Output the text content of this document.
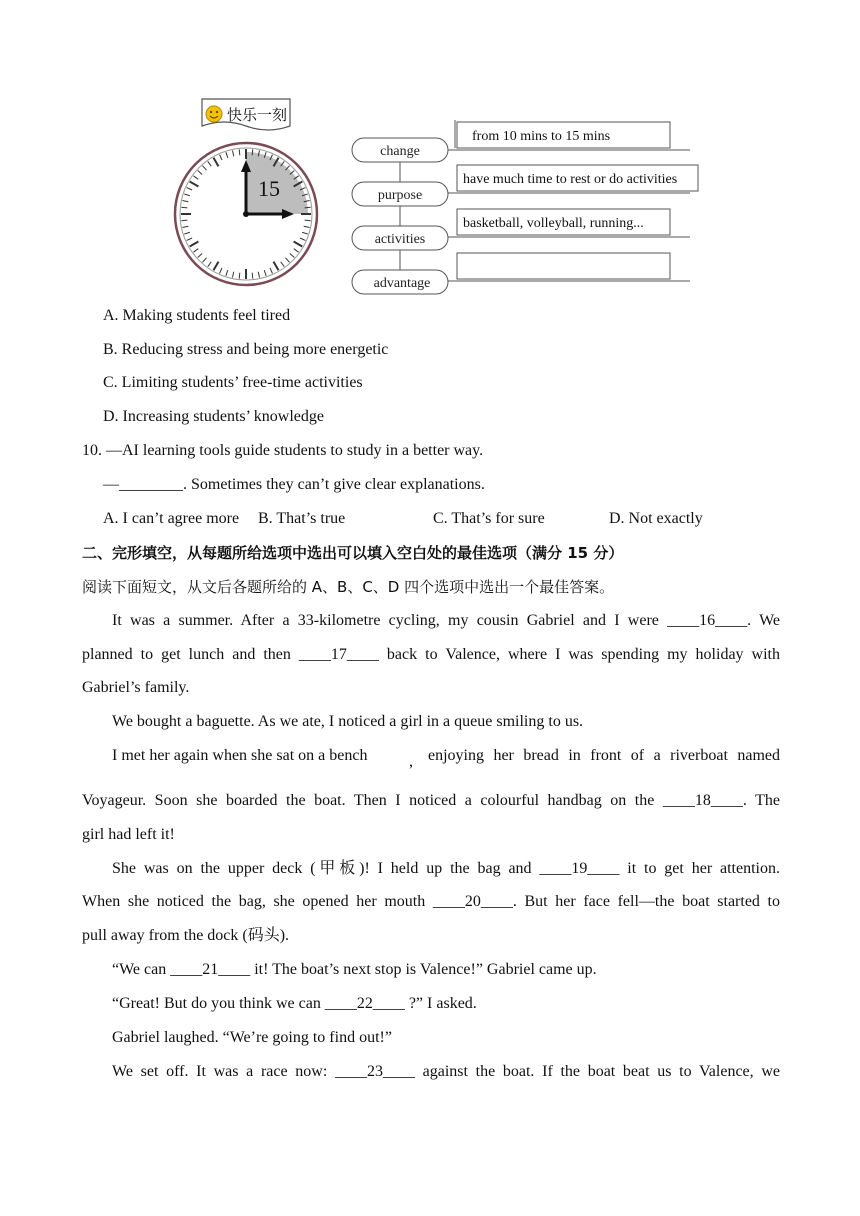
快乐一刻
15
change
from 10 mins to 15 mins
purpose
have much time to rest or do activities
activities
basketball, volleyball, running...
advantage
A. Making students feel tired
B. Reducing stress and being more energetic
C. Limiting students’ free-time activities
D. Increasing students’ knowledge
10. —AI learning tools guide students to study in a better way.
—________. Sometimes they can’t give clear explanations.
A. I can’t agree more B. That’s true	C. That’s for sure	D. Not exactly
二、完形填空，从每题所给选项中选出可以填入空白处的最佳选项（满分 15 分）
阅读下面短文，从文后各题所给的 A、B、C、D 四个选项中选出一个最佳答案。
It was a summer. After a 33-kilometre cycling, my cousin Gabriel and I were ____16____. We
planned to get lunch and then ____17____ back to Valence, where I was spending my holiday with
Gabriel’s family.
We bought a baguette. As we ate, I noticed a girl in a queue smiling to us.
I met her again when she sat on a bench	, enjoying her bread in front of a riverboat named
Voyageur. Soon she boarded the boat. Then I noticed a colourful handbag on the ____18____. The
girl had left it!
She was on the upper deck (甲板)! I held up the bag and ____19____ it to get her attention.
When she noticed the bag, she opened her mouth ____20____. But her face fell—the boat started to
pull away from the dock (码头).
“We can ____21____ it! The boat’s next stop is Valence!” Gabriel came up.
“Great! But do you think we can ____22____ ?” I asked.
Gabriel laughed. “We’re going to find out!”
We set off. It was a race now: ____23____ against the boat. If the boat beat us to Valence, we
